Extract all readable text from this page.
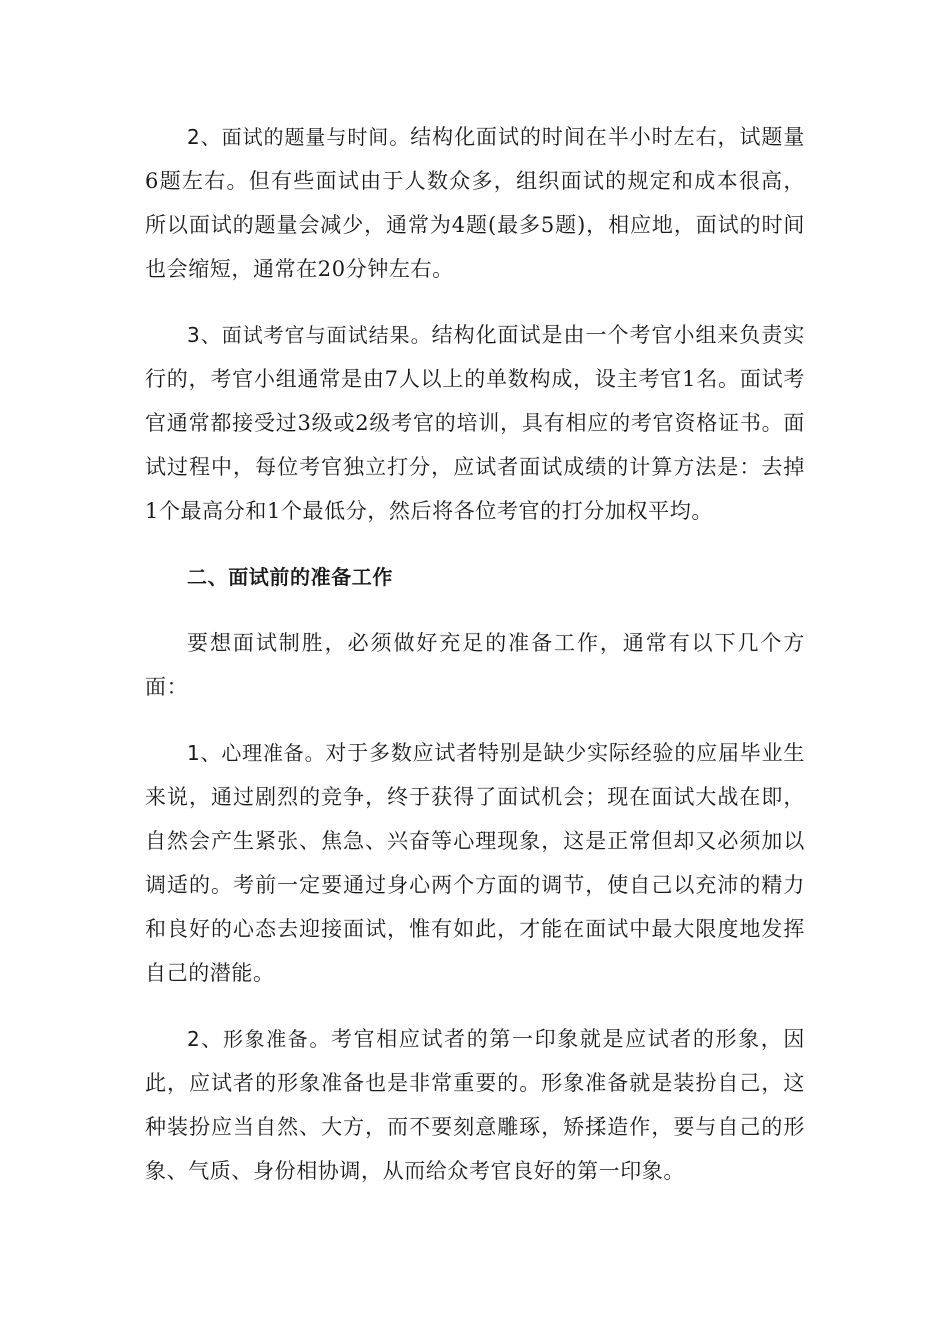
2、面试的题量与时间。结构化面试的时间在半小时左右，试题量6题左右。但有些面试由于人数众多，组织面试的规定和成本很高，所以面试的题量会减少，通常为4题(最多5题)，相应地，面试的时间也会缩短，通常在20分钟左右。

3、面试考官与面试结果。结构化面试是由一个考官小组来负责实行的，考官小组通常是由7人以上的单数构成，设主考官1名。面试考官通常都接受过3级或2级考官的培训，具有相应的考官资格证书。面试过程中，每位考官独立打分，应试者面试成绩的计算方法是：去掉1个最高分和1个最低分，然后将各位考官的打分加权平均。

二、面试前的准备工作

要想面试制胜，必须做好充足的准备工作，通常有以下几个方面：

1、心理准备。对于多数应试者特别是缺少实际经验的应届毕业生来说，通过剧烈的竞争，终于获得了面试机会；现在面试大战在即，自然会产生紧张、焦急、兴奋等心理现象，这是正常但却又必须加以调适的。考前一定要通过身心两个方面的调节，使自己以充沛的精力和良好的心态去迎接面试，惟有如此，才能在面试中最大限度地发挥自己的潜能。

2、形象准备。考官相应试者的第一印象就是应试者的形象，因此，应试者的形象准备也是非常重要的。形象准备就是装扮自己，这种装扮应当自然、大方，而不要刻意雕琢，矫揉造作，要与自己的形象、气质、身份相协调，从而给众考官良好的第一印象。
